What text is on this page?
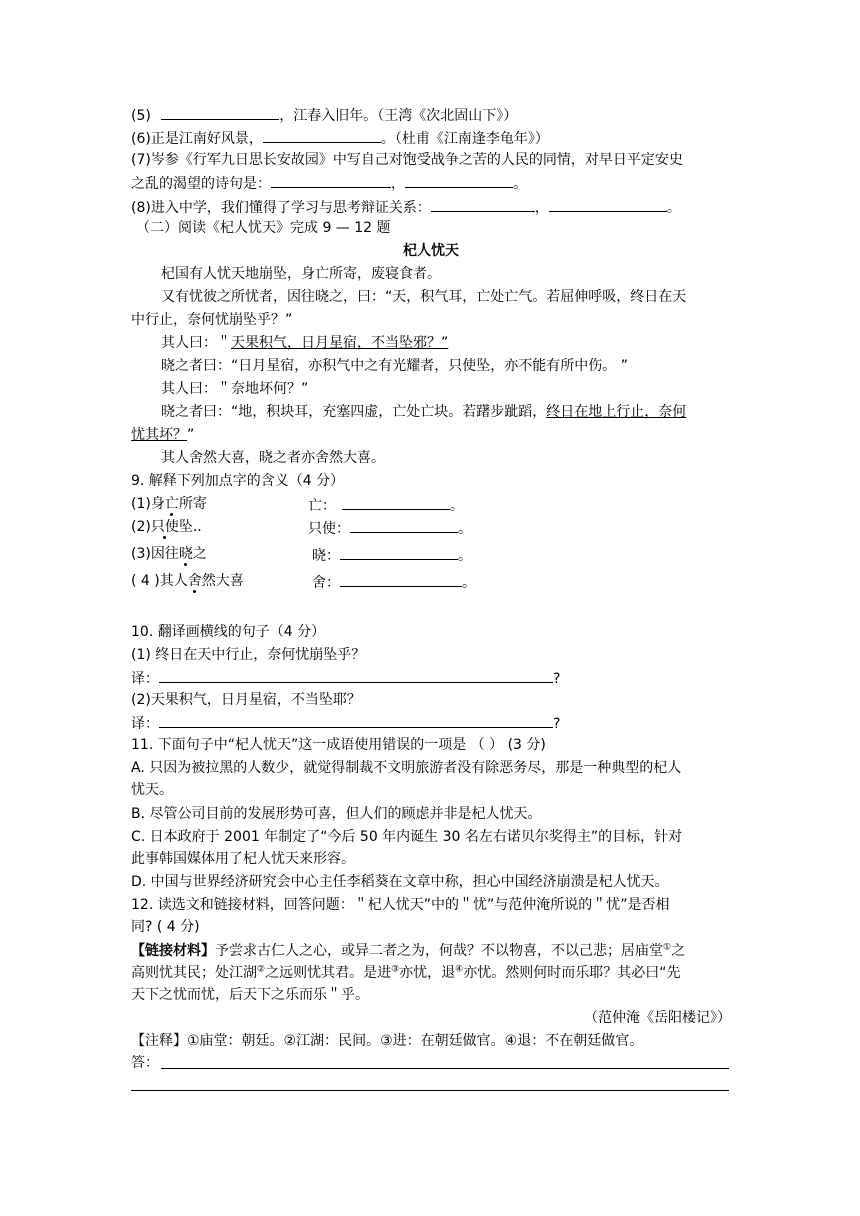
(5)	，江春入旧年。（王湾《次北固山下》）
(6)正是江南好风景，	。（杜甫《江南逢李龟年》）
(7)岑参《行军九日思长安故园》中写自己对饱受战争之苦的人民的同情，对早日平定安史
之乱的渴望的诗句是：	，	。
(8)进入中学，我们懂得了学习与思考辩证关系：	，	。
（二）阅读《杞人忧天》完成 9 — 12 题
杞人忧天
杞国有人忧天地崩坠，身亡所寄，废寝食者。
又有忧彼之所忧者，因往晓之，曰：“天，积气耳，亡处亡气。若屈伸呼吸，终日在天
中行止，奈何忧崩坠乎？”
其人曰：＂天果积气，日月星宿，不当坠邪？”
晓之者曰：“日月星宿，亦积气中之有光耀者，只使坠，亦不能有所中伤。 ”
其人曰：＂奈地坏何？”
晓之者曰：“地，积块耳，充塞四虚，亡处亡块。若躇步跐蹈，终日在地上行止，奈何
忧其坏？”
其人舍然大喜，晓之者亦舍然大喜。
9. 解释下列加点字的含义（4 分）
(1)身亡所寄	亡：	。
(2)只使坠..	只使：	。
(3)因往晓之	晓：	。
( 4 )其人舍然大喜	舍：	。
10. 翻译画横线的句子（4 分）
(1) 终日在天中行止，奈何忧崩坠乎？
译：	?
(2)天果积气，日月星宿，不当坠耶？
译：	?
11. 下面句子中“杞人忧天”这一成语使用错误的一项是 （ ） (3 分)
A. 只因为被拉黑的人数少，就觉得制裁不文明旅游者没有除恶务尽，那是一种典型的杞人
忧天。
B. 尽管公司目前的发展形势可喜，但人们的顾虑并非是杞人忧天。
C. 日本政府于 2001 年制定了“今后 50 年内诞生 30 名左右诺贝尔奖得主”的目标，针对
此事韩国媒体用了杞人忧天来形容。
D. 中国与世界经济研究会中心主任李稻葵在文章中称，担心中国经济崩溃是杞人忧天。
12. 读选文和链接材料，回答问题：＂杞人忧天”中的＂忧”与范仲淹所说的＂忧”是否相
同? ( 4 分)
【链接材料】予尝求古仁人之心，或异二者之为，何哉？不以物喜，不以己悲；居庙堂①之
高则忧其民；处江湖②之远则忧其君。是进③亦忧，退④亦忧。然则何时而乐耶？其必曰“先
天下之忧而忧，后天下之乐而乐＂乎。
（范仲淹《岳阳楼记》）
【注释】①庙堂：朝廷。②江湖：民间。③进：在朝廷做官。④退：不在朝廷做官。
答：
